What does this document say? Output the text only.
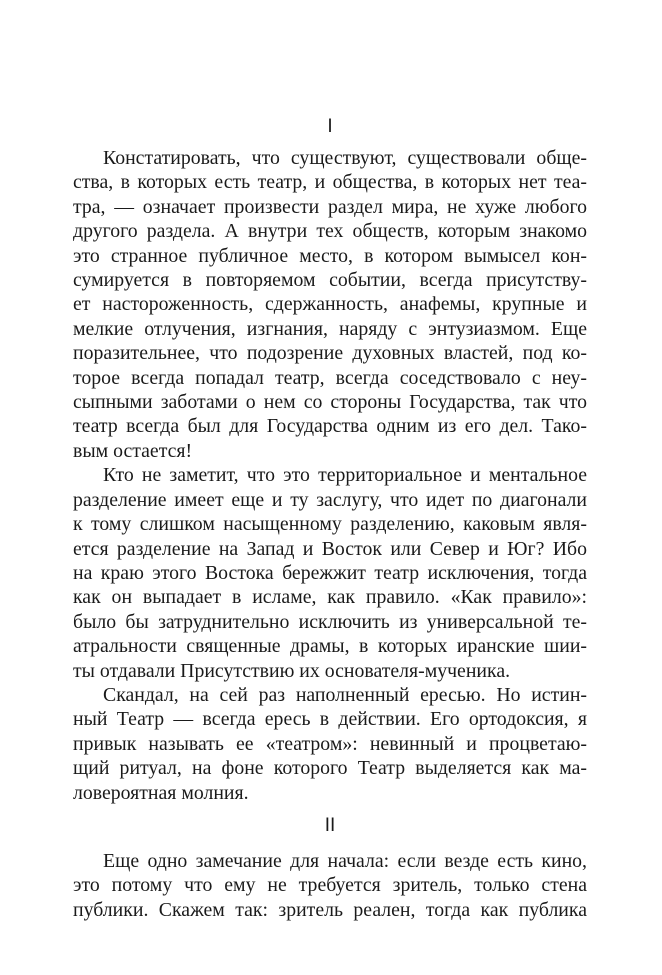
I

Констатировать, что существуют, существовали обще-
ства, в которых есть театр, и общества, в которых нет теа-
тра, — означает произвести раздел мира, не хуже любого
другого раздела. А внутри тех обществ, которым знакомо
это странное публичное место, в котором вымысел кон-
сумируется в повторяемом событии, всегда присутству-
ет настороженность, сдержанность, анафемы, крупные и
мелкие отлучения, изгнания, наряду с энтузиазмом. Еще
поразительнее, что подозрение духовных властей, под ко-
торое всегда попадал театр, всегда соседствовало с неу-
сыпными заботами о нем со стороны Государства, так что
театр всегда был для Государства одним из его дел. Тако-
вым остается!

Кто не заметит, что это территориальное и ментальное
разделение имеет еще и ту заслугу, что идет по диагонали
к тому слишком насыщенному разделению, каковым явля-
ется разделение на Запад и Восток или Север и Юг? Ибо
на краю этого Востока бережжит театр исключения, тогда
как он выпадает в исламе, как правило. «Как правило»:
было бы затруднительно исключить из универсальной те-
атральности священные драмы, в которых иранские шии-
ты отдавали Присутствию их основателя-мученика.

Скандал, на сей раз наполненный ересью. Но истин-
ный Театр — всегда ересь в действии. Его ортодоксия, я
привык называть ее «театром»: невинный и процветаю-
щий ритуал, на фоне которого Театр выделяется как ма-
ловероятная молния.

II

Еще одно замечание для начала: если везде есть кино,
это потому что ему не требуется зритель, только стена
публики. Скажем так: зритель реален, тогда как публика
